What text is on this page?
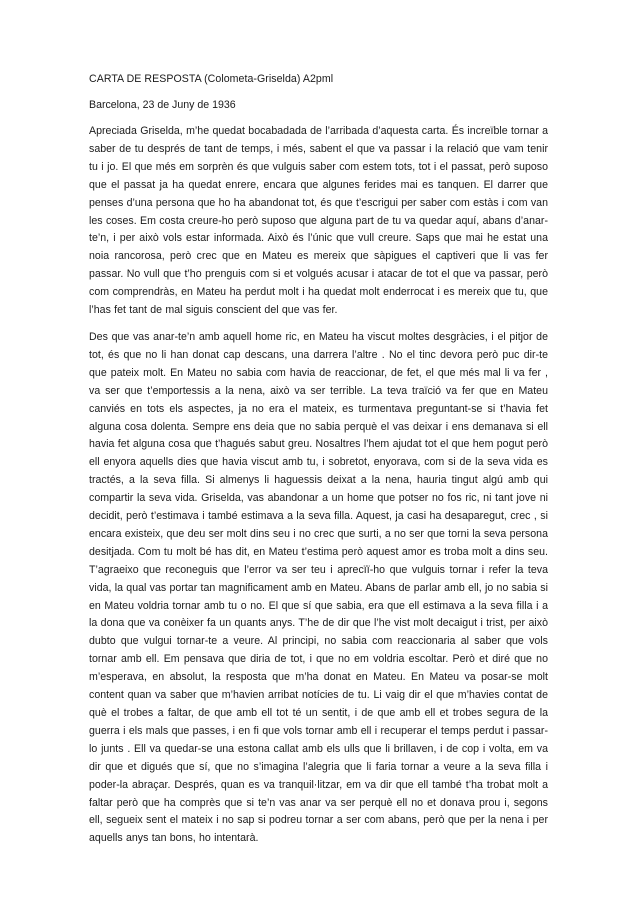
CARTA DE RESPOSTA (Colometa-Griselda) A2pml

Barcelona, 23 de Juny de 1936

Apreciada Griselda, m’he quedat bocabadada de l’arribada d’aquesta carta. És increïble tornar a saber de tu després de tant de temps, i més, sabent el que va passar i la relació que vam tenir tu i jo. El que més em sorprèn és que vulguis saber com estem tots, tot i el passat, però suposo que el passat ja ha quedat enrere, encara que algunes ferides mai es tanquen. El darrer que penses d’una persona que ho ha abandonat tot, és que t’escrigui per saber com estàs i com van les coses. Em costa creure-ho però suposo que alguna part de tu va quedar aquí, abans d’anar-te’n, i per això vols estar informada. Això és l’únic que vull creure. Saps que mai he estat una noia rancorosa, però crec que en Mateu es mereix que sàpigues el captiveri que li vas fer passar. No vull que t’ho prenguis com si et volgués acusar i atacar de tot el que va passar, però com comprendràs, en Mateu ha perdut molt i ha quedat molt enderrocat i es mereix que tu, que l’has fet tant de mal siguis conscient del que vas fer.

Des que vas anar-te’n amb aquell home ric, en Mateu ha viscut moltes desgràcies, i el pitjor de tot, és que no li han donat cap descans, una darrera l’altre . No el tinc devora però puc dir-te que pateix molt. En Mateu no sabia com havia de reaccionar, de fet, el que més mal li va fer , va ser que t’emportessis a la nena, això va ser terrible. La teva traïció va fer que en Mateu canviés en tots els aspectes, ja no era el mateix, es turmentava preguntant-se si t’havia fet alguna cosa dolenta. Sempre ens deia que no sabia perquè el vas deixar i ens demanava si ell havia fet alguna cosa que t’hagués sabut greu. Nosaltres l’hem ajudat tot el que hem pogut però ell enyora aquells dies que havia viscut amb tu, i sobretot, enyorava, com si de la seva vida es tractés, a la seva filla. Si almenys li haguessis deixat a la nena, hauria tingut algú amb qui compartir la seva vida. Griselda, vas abandonar a un home que potser no fos ric, ni tant jove ni decidit, però t’estimava i també estimava a la seva filla. Aquest, ja casi ha desaparegut, crec , si encara existeix, que deu ser molt dins seu i no crec que surti, a no ser que torni la seva persona desitjada. Com tu molt bé has dit, en Mateu t’estima però aquest amor es troba molt a dins seu. T’agraeixo que reconeguis que l’error va ser teu i aprecïï-ho que vulguis tornar i refer la teva vida, la qual vas portar tan magnificament amb en Mateu. Abans de parlar amb ell, jo no sabia si en Mateu voldria tornar amb tu o no. El que sí que sabia, era que ell estimava a la seva filla i a la dona que va conèixer fa un quants anys. T’he de dir que l’he vist molt decaigut i trist, per això dubto que vulgui tornar-te a veure. Al principi, no sabia com reaccionaria al saber que vols tornar amb ell. Em pensava que diria de tot, i que no em voldria escoltar. Però et diré que no m’esperava, en absolut, la resposta que m’ha donat en Mateu. En Mateu va posar-se molt content quan va saber que m’havien arribat notícies de tu. Li vaig dir el que m’havies contat de què el trobes a faltar, de que amb ell tot té un sentit, i de que amb ell et trobes segura de la guerra i els mals que passes, i en fi que vols tornar amb ell i recuperar el temps perdut i passar-lo junts . Ell va quedar-se una estona callat amb els ulls que li brillaven, i de cop i volta, em va dir que et digués que sí, que no s’imagina l’alegria que li faria tornar a veure a la seva filla i poder-la abraçar. Després, quan es va tranquil·litzar, em va dir que ell també t’ha trobat molt a faltar però que ha comprès que si te’n vas anar va ser perquè ell no et donava prou i, segons ell, segueix sent el mateix i no sap si podreu tornar a ser com abans, però que per la nena i per aquells anys tan bons, ho intentarà.
